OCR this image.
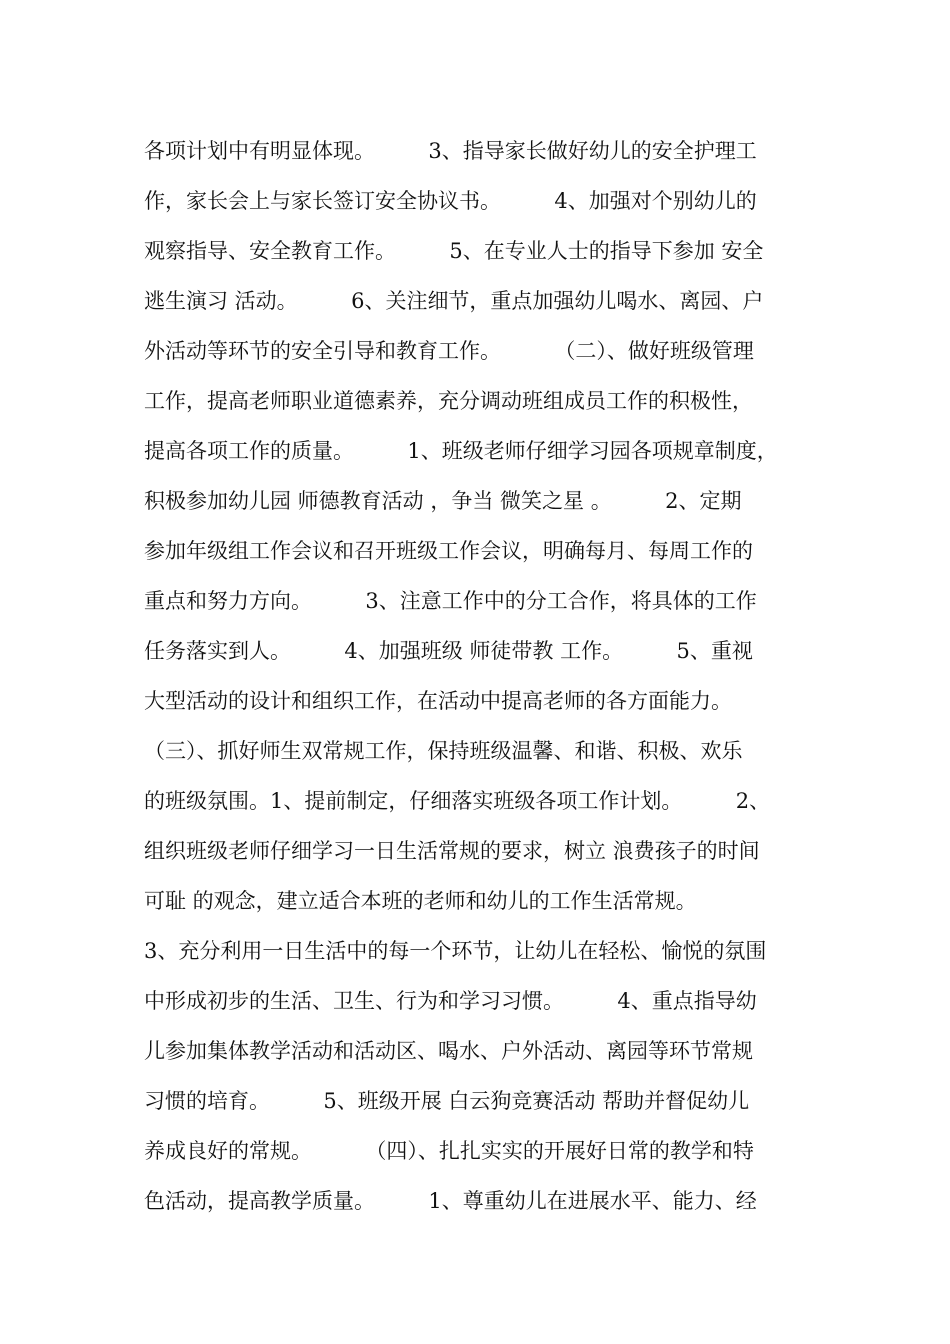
各项计划中有明显体现。        3、指导家长做好幼儿的安全护理工
作，家长会上与家长签订安全协议书。        4、加强对个别幼儿的
观察指导、安全教育工作。        5、在专业人士的指导下参加 安全
逃生演习 活动。        6、关注细节，重点加强幼儿喝水、离园、户
外活动等环节的安全引导和教育工作。        （二）、做好班级管理
工作，提高老师职业道德素养，充分调动班组成员工作的积极性，
提高各项工作的质量。        1、班级老师仔细学习园各项规章制度，
积极参加幼儿园 师德教育活动 ，争当 微笑之星 。        2、定期
参加年级组工作会议和召开班级工作会议，明确每月、每周工作的
重点和努力方向。        3、注意工作中的分工合作，将具体的工作
任务落实到人。        4、加强班级 师徒带教 工作。        5、重视
大型活动的设计和组织工作，在活动中提高老师的各方面能力。
（三）、抓好师生双常规工作，保持班级温馨、和谐、积极、欢乐
的班级氛围。1、提前制定，仔细落实班级各项工作计划。        2、
组织班级老师仔细学习一日生活常规的要求，树立 浪费孩子的时间
可耻 的观念，建立适合本班的老师和幼儿的工作生活常规。
3、充分利用一日生活中的每一个环节，让幼儿在轻松、愉悦的氛围
中形成初步的生活、卫生、行为和学习习惯。        4、重点指导幼
儿参加集体教学活动和活动区、喝水、户外活动、离园等环节常规
习惯的培育。        5、班级开展 白云狗竞赛活动 帮助并督促幼儿
养成良好的常规。        （四）、扎扎实实的开展好日常的教学和特
色活动，提高教学质量。        1、尊重幼儿在进展水平、能力、经
